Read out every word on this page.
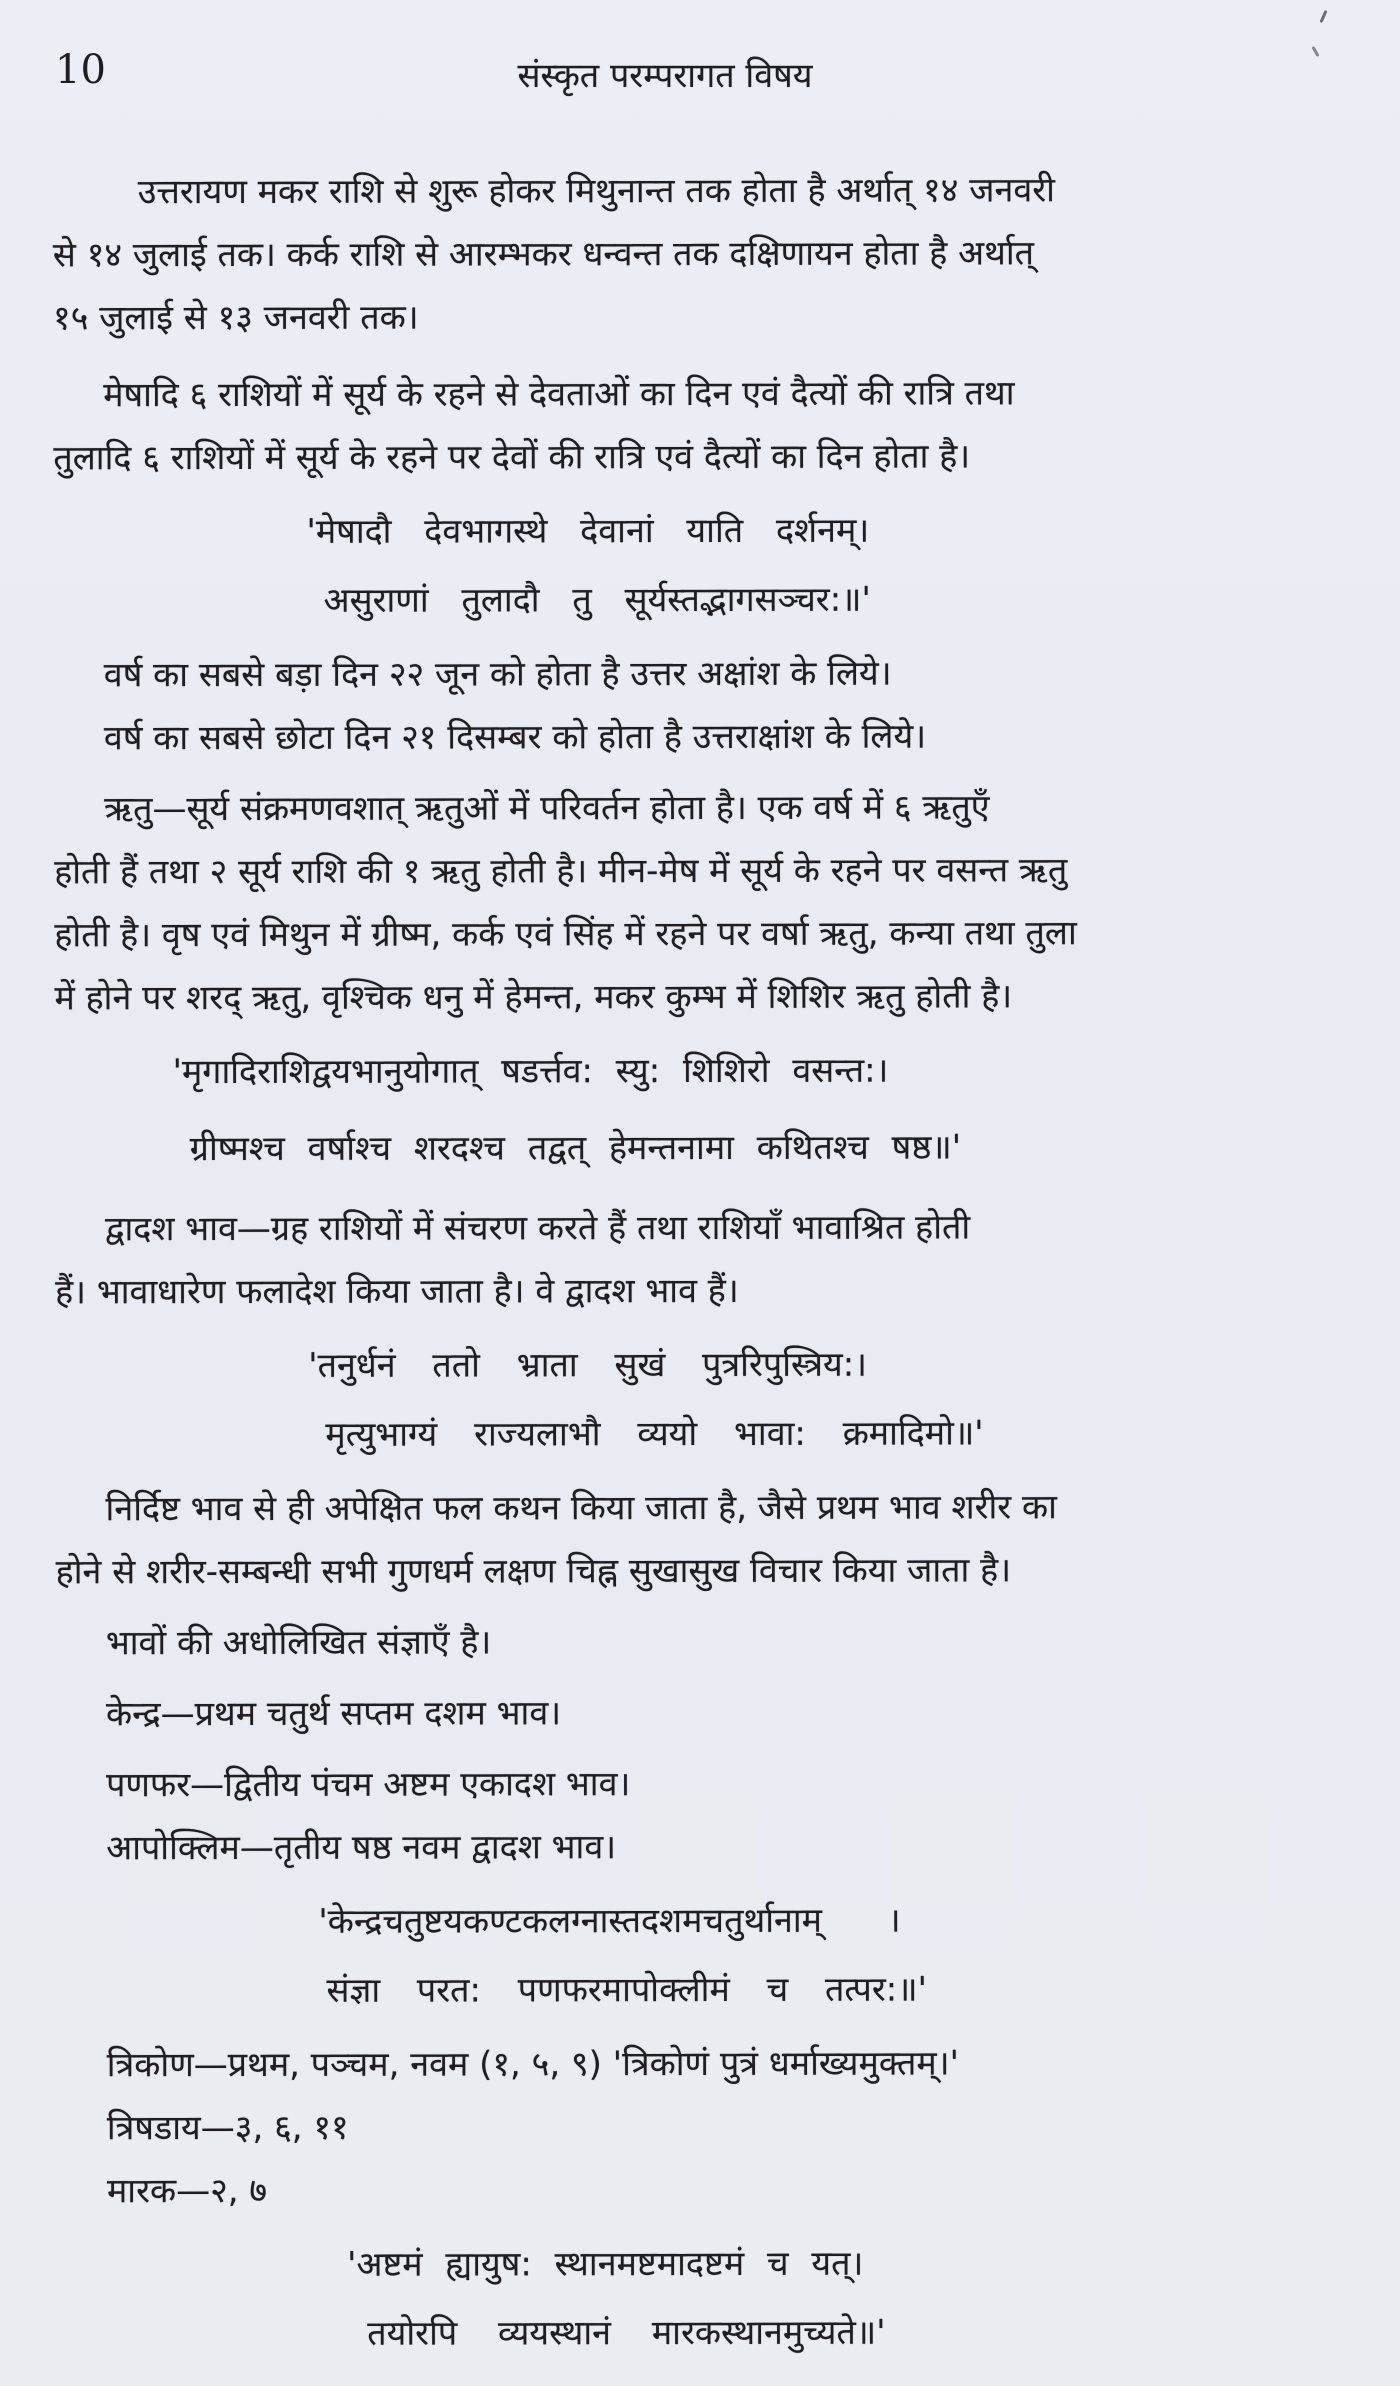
10	संस्कृत परम्परागत विषय
उत्तरायण मकर राशि से शुरू होकर मिथुनान्त तक होता है अर्थात् १४ जनवरी
से १४ जुलाई तक। कर्क राशि से आरम्भकर धन्वन्त तक दक्षिणायन होता है अर्थात्
१५ जुलाई से १३ जनवरी तक।
मेषादि ६ राशियों में सूर्य के रहने से देवताओं का दिन एवं दैत्यों की रात्रि तथा
तुलादि ६ राशियों में सूर्य के रहने पर देवों की रात्रि एवं दैत्यों का दिन होता है।
'मेषादौ देवभागस्थे देवानां याति दर्शनम्।
असुराणां तुलादौ तु सूर्यस्तद्भागसञ्चर:॥'
वर्ष का सबसे बड़ा दिन २२ जून को होता है उत्तर अक्षांश के लिये।
वर्ष का सबसे छोटा दिन २१ दिसम्बर को होता है उत्तराक्षांश के लिये।
ऋतु—सूर्य संक्रमणवशात् ऋतुओं में परिवर्तन होता है। एक वर्ष में ६ ऋतुएँ
होती हैं तथा २ सूर्य राशि की १ ऋतु होती है। मीन-मेष में सूर्य के रहने पर वसन्त ऋतु
होती है। वृष एवं मिथुन में ग्रीष्म, कर्क एवं सिंह में रहने पर वर्षा ऋतु, कन्या तथा तुला
में होने पर शरद् ऋतु, वृश्चिक धनु में हेमन्त, मकर कुम्भ में शिशिर ऋतु होती है।
'मृगादिराशिद्वयभानुयोगात् षडर्त्तव: स्यु: शिशिरो वसन्त:।
ग्रीष्मश्च वर्षाश्च शरदश्च तद्वत् हेमन्तनामा कथितश्च षष्ठ॥'
द्वादश भाव—ग्रह राशियों में संचरण करते हैं तथा राशियाँ भावाश्रित होती
हैं। भावाधारेण फलादेश किया जाता है। वे द्वादश भाव हैं।
'तनुर्धनं ततो भ्राता सुखं पुत्ररिपुस्त्रिय:।
मृत्युभाग्यं राज्यलाभौ व्ययो भावा: क्रमादिमो॥'
निर्दिष्ट भाव से ही अपेक्षित फल कथन किया जाता है, जैसे प्रथम भाव शरीर का
होने से शरीर-सम्बन्धी सभी गुणधर्म लक्षण चिह्न सुखासुख विचार किया जाता है।
भावों की अधोलिखित संज्ञाएँ है।
केन्द्र—प्रथम चतुर्थ सप्तम दशम भाव।
पणफर—द्वितीय पंचम अष्टम एकादश भाव।
आपोक्लिम—तृतीय षष्ठ नवम द्वादश भाव।
'केन्द्रचतुष्टयकण्टकलग्नास्तदशमचतुर्थानाम् ।
संज्ञा परत: पणफरमापोक्लीमं च तत्पर:॥'
त्रिकोण—प्रथम, पञ्चम, नवम (१, ५, ९) 'त्रिकोणं पुत्रं धर्माख्यमुक्तम्।'
त्रिषडाय—३, ६, ११
मारक—२, ७
'अष्टमं ह्यायुष: स्थानमष्टमादष्टमं च यत्।
तयोरपि व्ययस्थानं मारकस्थानमुच्यते॥'
